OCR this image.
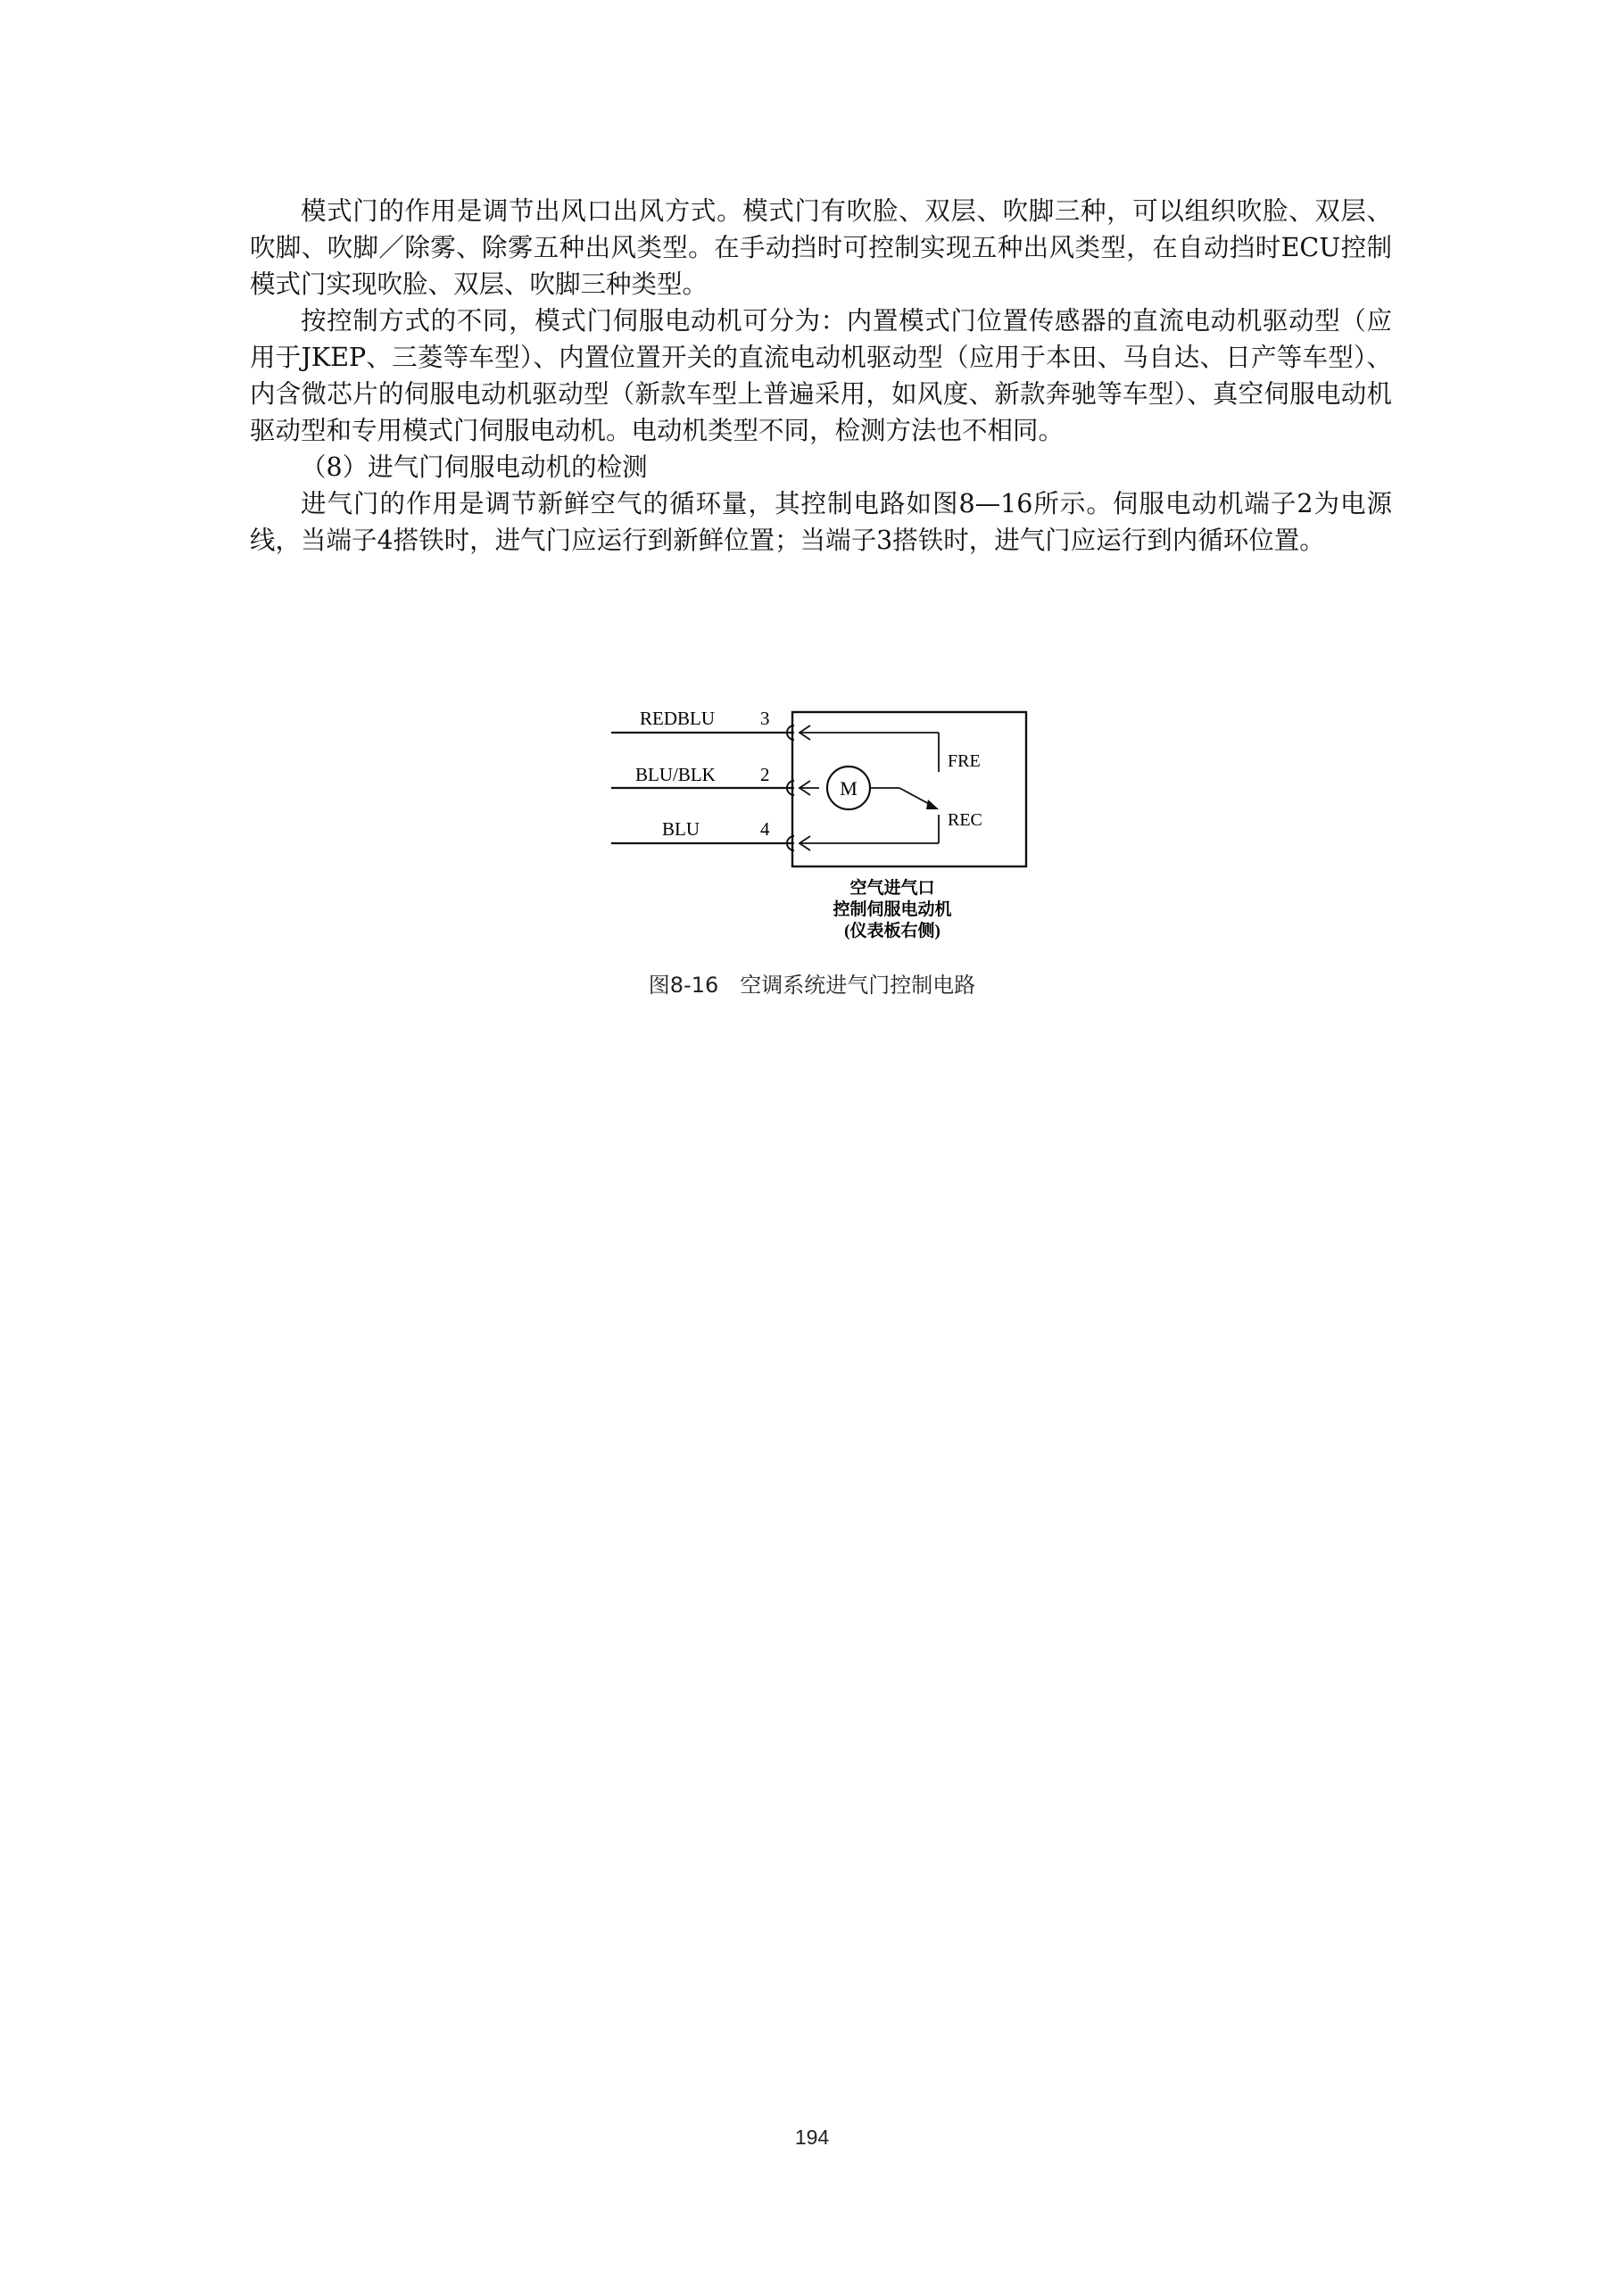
模式门的作用是调节出风口出风方式。模式门有吹脸、双层、吹脚三种，可以组织吹脸、双层、吹脚、吹脚／除雾、除雾五种出风类型。在手动挡时可控制实现五种出风类型，在自动挡时ECU控制模式门实现吹脸、双层、吹脚三种类型。

按控制方式的不同，模式门伺服电动机可分为：内置模式门位置传感器的直流电动机驱动型（应用于JKEP、三菱等车型）、内置位置开关的直流电动机驱动型（应用于本田、马自达、日产等车型）、内含微芯片的伺服电动机驱动型（新款车型上普遍采用，如风度、新款奔驰等车型）、真空伺服电动机驱动型和专用模式门伺服电动机。电动机类型不同，检测方法也不相同。

（8）进气门伺服电动机的检测

进气门的作用是调节新鲜空气的循环量，其控制电路如图8—16所示。伺服电动机端子2为电源线，当端子4搭铁时，进气门应运行到新鲜位置；当端子3搭铁时，进气门应运行到内循环位置。

REDBLU 3
BLU/BLK 2
M
BLU	4
FRE
REC
空气进气口
控制伺服电动机
(仪表板右侧)
图8-16　空调系统进气门控制电路
194
